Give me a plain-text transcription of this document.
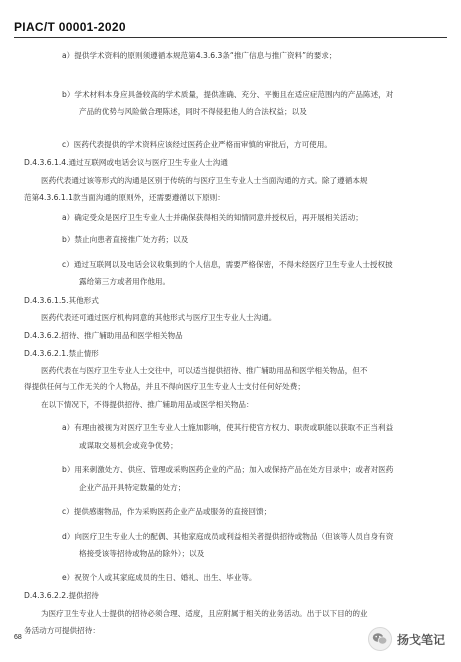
PIAC/T 00001-2020
a）提供学术资料的原则须遵循本规范第4.3.6.3条“推广信息与推广资料”的要求；
b）学术材料本身应具备较高的学术质量，提供准确、充分、平衡且在适应症范围内的产品陈述，对
产品的优势与风险做合理陈述，同时不得侵犯他人的合法权益；以及
c）医药代表提供的学术资料应该经过医药企业严格而审慎的审批后，方可使用。
D.4.3.6.1.4.通过互联网或电话会议与医疗卫生专业人士沟通
医药代表通过该等形式的沟通是区别于传统的与医疗卫生专业人士当面沟通的方式。除了遵循本规
范第4.3.6.1.1款当面沟通的原则外，还需要遵循以下原则：
a）确定受众是医疗卫生专业人士并确保获得相关的知情同意并授权后，再开展相关活动；
b）禁止向患者直接推广处方药；以及
c）通过互联网以及电话会议收集到的个人信息，需要严格保密，不得未经医疗卫生专业人士授权披
露给第三方或者用作他用。
D.4.3.6.1.5.其他形式
医药代表还可通过医疗机构同意的其他形式与医疗卫生专业人士沟通。
D.4.3.6.2.招待、推广辅助用品和医学相关物品
D.4.3.6.2.1.禁止情形
医药代表在与医疗卫生专业人士交往中，可以适当提供招待、推广辅助用品和医学相关物品，但不
得提供任何与工作无关的个人物品，并且不得向医疗卫生专业人士支付任何好处费；
在以下情况下，不得提供招待、推广辅助用品或医学相关物品：
a）有理由被视为对医疗卫生专业人士施加影响，使其行使官方权力、职责或职能以获取不正当利益
或谋取交易机会或竞争优势；
b）用来刺激处方、供应、管理或采购医药企业的产品；加入或保持产品在处方目录中；或者对医药
企业产品开具特定数量的处方；
c）提供感谢物品，作为采购医药企业产品或服务的直接回馈；
d）向医疗卫生专业人士的配偶、其他家庭成员或利益相关者提供招待或物品（但该等人员自身有资
格接受该等招待或物品的除外）；以及
e）祝贺个人或其家庭成员的生日、婚礼、出生、毕业等。
D.4.3.6.2.2.提供招待
为医疗卫生专业人士提供的招待必须合理、适度，且应附属于相关的业务活动。出于以下目的的业
务活动方可提供招待：
68	扬戈笔记
